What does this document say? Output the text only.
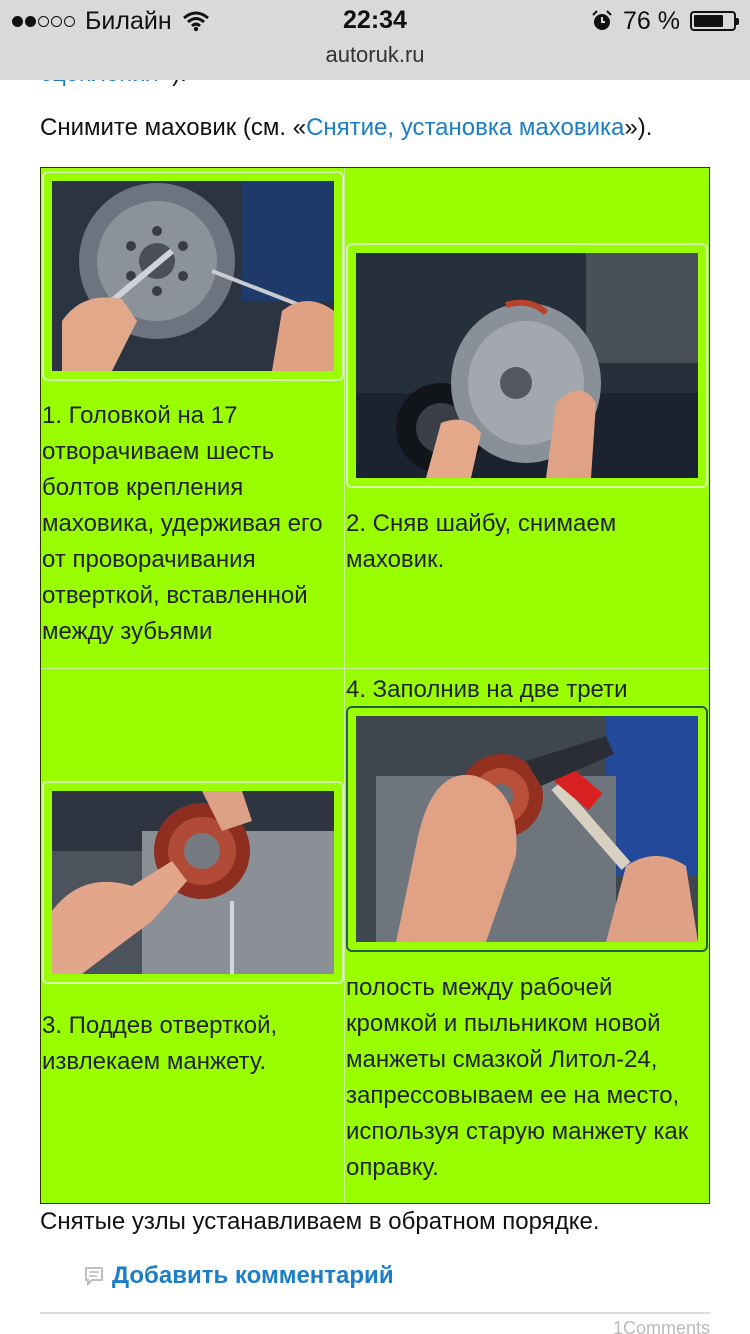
Билайн	22:34	76 %
autoruk.ru
Снимите маховик (см. «Снятие, установка маховика»).
1. Головкой на 17 отворачиваем шесть болтов крепления маховика, удерживая его от проворачивания отверткой, вставленной между зубьями
2. Сняв шайбу, снимаем маховик.
3. Поддев отверткой, извлекаем манжету.
4. Заполнив на две трети
полость между рабочей кромкой и пыльником новой манжеты смазкой Литол-24, запрессовываем ее на место, используя старую манжету как оправку.
Снятые узлы устанавливаем в обратном порядке.
Добавить комментарий
1Comments
